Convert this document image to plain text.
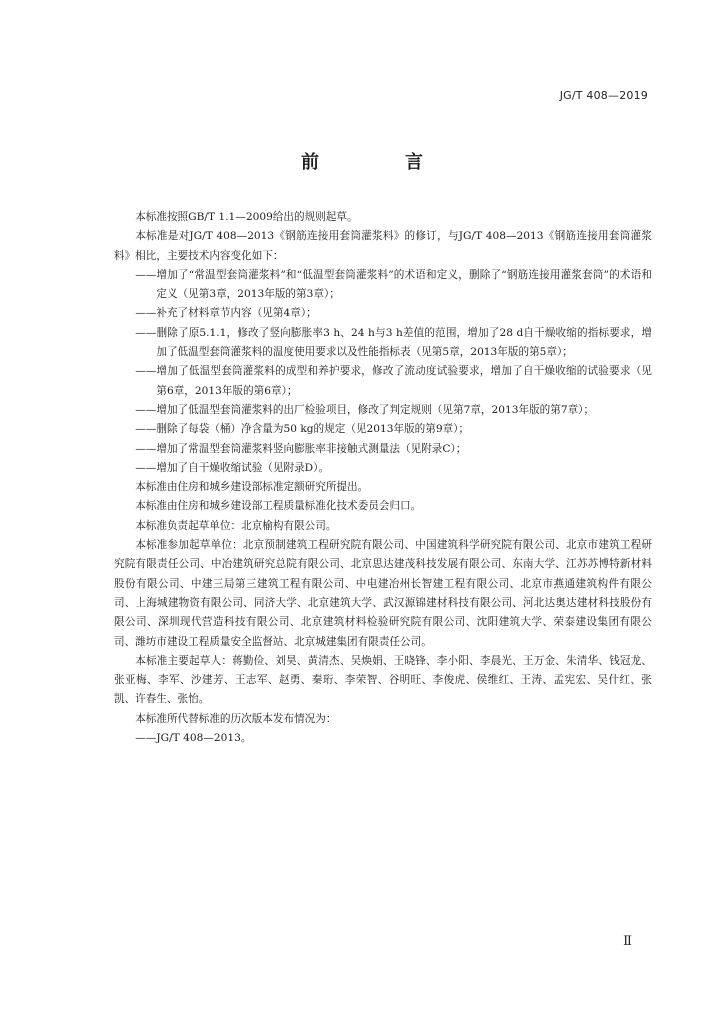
JG/T 408—2019
前　言

本标准按照GB/T 1.1—2009给出的规则起草。

本标准是对JG/T 408—2013《钢筋连接用套筒灌浆料》的修订，与JG/T 408—2013《钢筋连接用套筒灌浆料》相比，主要技术内容变化如下：

——增加了“常温型套筒灌浆料”和“低温型套筒灌浆料”的术语和定义，删除了“钢筋连接用灌浆套筒”的术语和定义（见第3章，2013年版的第3章）；

——补充了材料章节内容（见第4章）；

——删除了原5.1.1，修改了竖向膨胀率3 h、24 h与3 h差值的范围，增加了28 d自干燥收缩的指标要求，增加了低温型套筒灌浆料的温度使用要求以及性能指标表（见第5章，2013年版的第5章）；

——增加了低温型套筒灌浆料的成型和养护要求，修改了流动度试验要求，增加了自干燥收缩的试验要求（见第6章，2013年版的第6章）；

——增加了低温型套筒灌浆料的出厂检验项目，修改了判定规则（见第7章，2013年版的第7章）；

——删除了每袋（桶）净含量为50 kg的规定（见2013年版的第9章）；

——增加了常温型套筒灌浆料竖向膨胀率非接触式测量法（见附录C）；

——增加了自干燥收缩试验（见附录D）。

本标准由住房和城乡建设部标准定额研究所提出。

本标准由住房和城乡建设部工程质量标准化技术委员会归口。

本标准负责起草单位：北京榆构有限公司。

本标准参加起草单位：北京预制建筑工程研究院有限公司、中国建筑科学研究院有限公司、北京市建筑工程研究院有限责任公司、中冶建筑研究总院有限公司、北京思达建茂科技发展有限公司、东南大学、江苏苏博特新材料股份有限公司、中建三局第三建筑工程有限公司、中电建冶州长智建工程有限公司、北京市燕通建筑构件有限公司、上海城建物资有限公司、同济大学、北京建筑大学、武汉源锦建材科技有限公司、河北达奥达建材科技股份有限公司、深圳现代营造科技有限公司、北京建筑材料检验研究院有限公司、沈阳建筑大学、荣泰建设集团有限公司、潍坊市建设工程质量安全监督站、北京城建集团有限责任公司。

本标准主要起草人：蒋勤俭、刘昊、黄清杰、吴焕娟、王晓锋、李小阳、李晨光、王万金、朱清华、钱冠龙、张亚梅、李军、沙建芳、王志军、赵勇、秦珩、李荣智、谷明旺、李俊虎、侯维红、王涛、孟宪宏、吴什红、张凯、许春生、张怡。

本标准所代替标准的历次版本发布情况为：

——JG/T 408—2013。

Ⅱ
